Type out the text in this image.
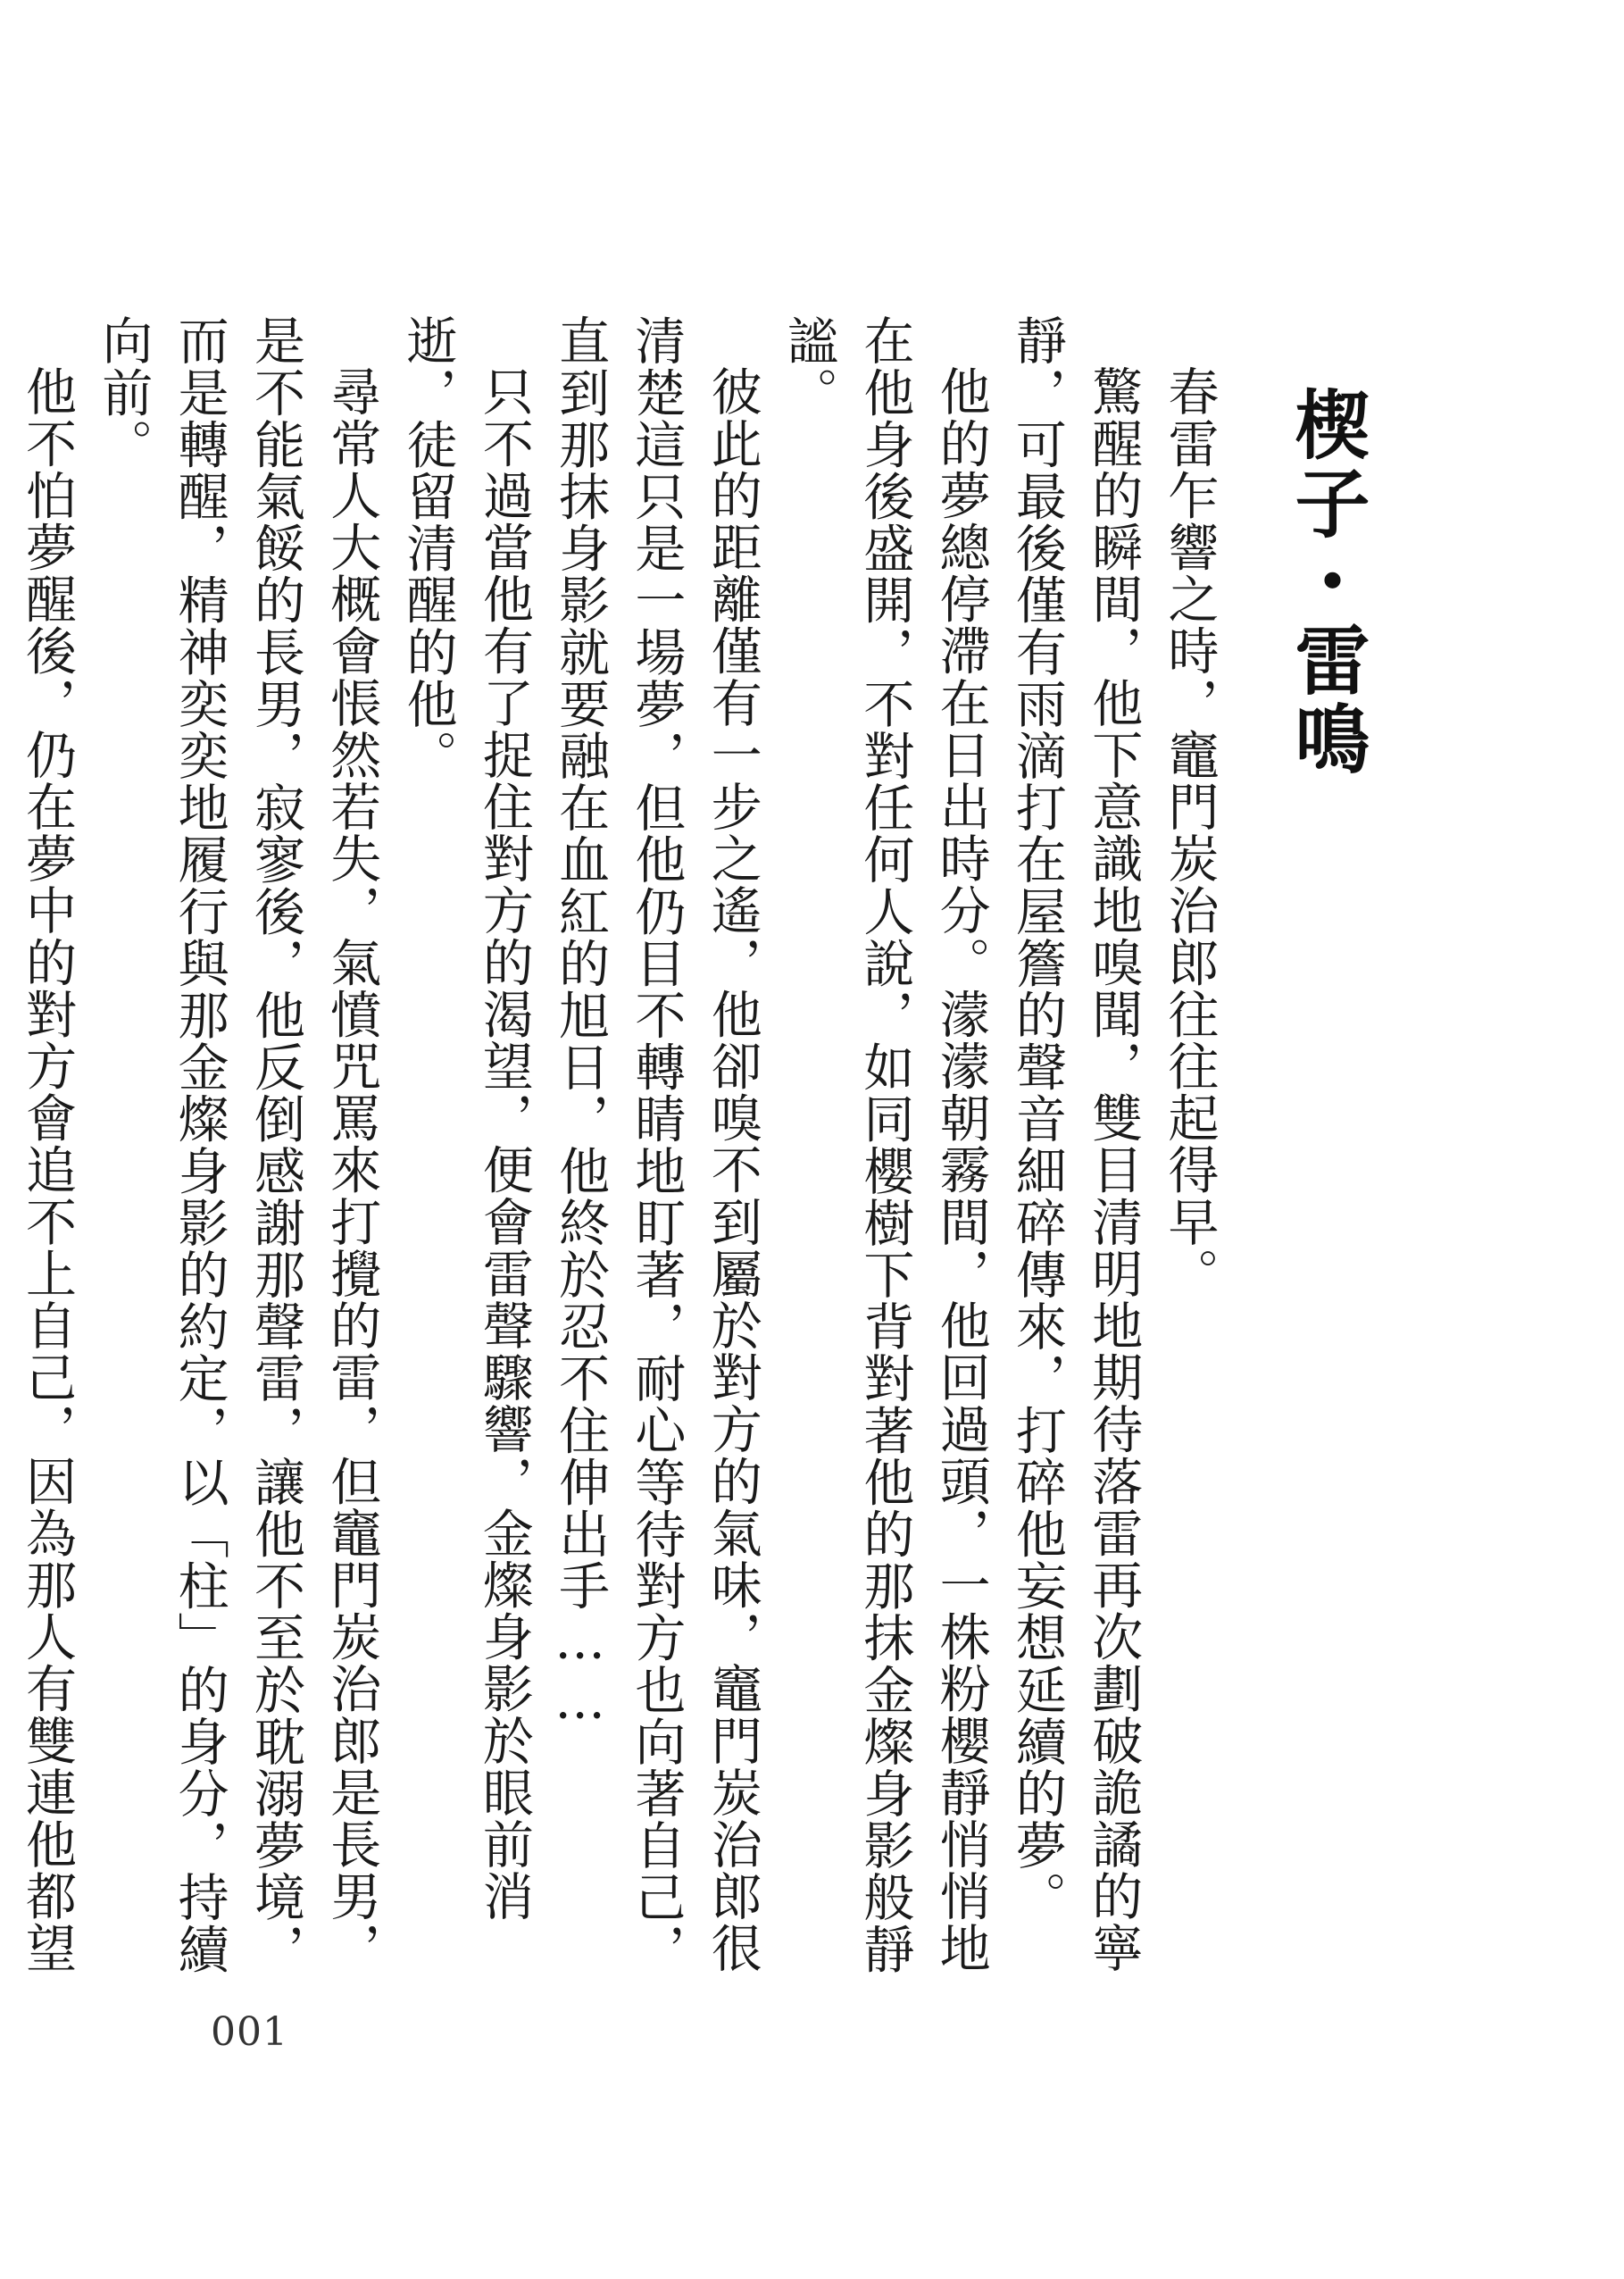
楔子・雷鳴

春雷乍響之時，竈門炭治郎往往起得早。

驚醒的瞬間，他下意識地嗅聞，雙目清明地期待落雷再次劃破詭譎的寧靜，可最後僅有雨滴打在屋簷的聲音細碎傳來，打碎他妄想延續的夢。

他的夢總停滯在日出時分。濛濛朝霧間，他回過頭，一株粉櫻靜悄悄地在他身後盛開，不對任何人說，如同櫻樹下背對著他的那抹金燦身影般靜謐。

彼此的距離僅有一步之遙，他卻嗅不到屬於對方的氣味，竈門炭治郎很清楚這只是一場夢，但他仍目不轉睛地盯著，耐心等待對方也向著自己，直到那抹身影就要融在血紅的旭日，他終於忍不住伸出手……

只不過當他有了捉住對方的渴望，便會雷聲驟響，金燦身影於眼前消逝，徒留清醒的他。

尋常人大概會悵然若失，氣憤咒罵來打攪的雷，但竈門炭治郎是長男，是不能氣餒的長男，寂寥後，他反倒感謝那聲雷，讓他不至於耽溺夢境，而是轉醒，精神奕奕地履行與那金燦身影的約定，以「柱」的身分，持續向前。

他不怕夢醒後，仍在夢中的對方會追不上自己，因為那人有雙連他都望

001
